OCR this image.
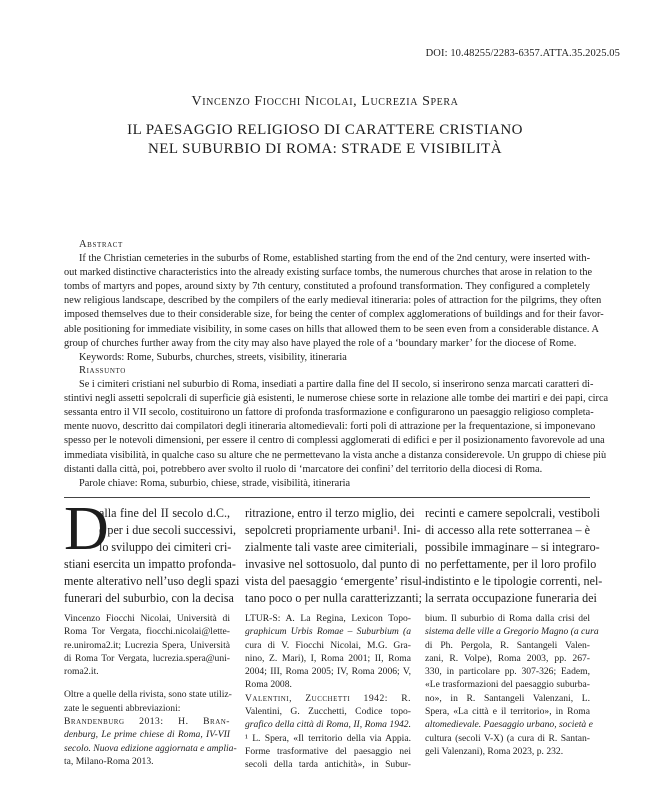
DOI: 10.48255/2283-6357.ATTA.35.2025.05
Vincenzo Fiocchi Nicolai, Lucrezia Spera
IL PAESAGGIO RELIGIOSO DI CARATTERE CRISTIANO
NEL SUBURBIO DI ROMA: STRADE E VISIBILITÀ
Abstract
If the Christian cemeteries in the suburbs of Rome, established starting from the end of the 2nd century, were inserted with-
out marked distinctive characteristics into the already existing surface tombs, the numerous churches that arose in relation to the
tombs of martyrs and popes, around sixty by 7th century, constituted a profound transformation. They configured a completely
new religious landscape, described by the compilers of the early medieval itineraria: poles of attraction for the pilgrims, they often
imposed themselves due to their considerable size, for being the center of complex agglomerations of buildings and for their favor-
able positioning for immediate visibility, in some cases on hills that allowed them to be seen even from a considerable distance. A
group of churches further away from the city may also have played the role of a ‘boundary marker’ for the diocese of Rome.
Keywords: Rome, Suburbs, churches, streets, visibility, itineraria
Riassunto
Se i cimiteri cristiani nel suburbio di Roma, insediati a partire dalla fine del II secolo, si inserirono senza marcati caratteri di-
stintivi negli assetti sepolcrali di superficie già esistenti, le numerose chiese sorte in relazione alle tombe dei martiri e dei papi, circa
sessanta entro il VII secolo, costituirono un fattore di profonda trasformazione e configurarono un paesaggio religioso completa-
mente nuovo, descritto dai compilatori degli itineraria altomedievali: forti poli di attrazione per la frequentazione, si imponevano
spesso per le notevoli dimensioni, per essere il centro di complessi agglomerati di edifici e per il posizionamento favorevole ad una
immediata visibilità, in qualche caso su alture che ne permettevano la vista anche a distanza considerevole. Un gruppo di chiese più
distanti dalla città, poi, potrebbero aver svolto il ruolo di ‘marcatore dei confini’ del territorio della diocesi di Roma.
Parole chiave: Roma, suburbio, chiese, strade, visibilità, itineraria
D
alla fine del II secolo d.C.,
e per i due secoli successivi,
lo sviluppo dei cimiteri cri-
stiani esercita un impatto profonda-
mente alterativo nell’uso degli spazi
funerari del suburbio, con la decisa
ritrazione, entro il terzo miglio, dei
sepolcreti propriamente urbani¹. Ini-
zialmente tali vaste aree cimiteriali,
invasive nel sottosuolo, dal punto di
vista del paesaggio ‘emergente’ risul-
tano poco o per nulla caratterizzanti;
recinti e camere sepolcrali, vestiboli
di accesso alla rete sotterranea – è
possibile immaginare – si integraro-
no perfettamente, per il loro profilo
indistinto e le tipologie correnti, nel-
la serrata occupazione funeraria dei
Vincenzo Fiocchi Nicolai, Università di
Roma Tor Vergata, fiocchi.nicolai@lette-
re.uniroma2.it; Lucrezia Spera, Università
di Roma Tor Vergata, lucrezia.spera@uni-
roma2.it.
Oltre a quelle della rivista, sono state utiliz-
zate le seguenti abbreviazioni:
Brandenburg 2013: H. Bran-
denburg, Le prime chiese di Roma, IV-VII
secolo. Nuova edizione aggiornata e amplia-
ta, Milano-Roma 2013.
LTUR-S: A. La Regina, Lexicon Topo-
graphicum Urbis Romae – Suburbium (a
cura di V. Fiocchi Nicolai, M.G. Gra-
nino, Z. Mari), I, Roma 2001; II, Roma
2004; III, Roma 2005; IV, Roma 2006; V,
Roma 2008.
Valentini, Zucchetti 1942: R.
Valentini, G. Zucchetti, Codice topo-
grafico della città di Roma, II, Roma 1942.
¹ L. Spera, «Il territorio della via Appia.
Forme trasformative del paesaggio nei
secoli della tarda antichità», in Subur-
bium. Il suburbio di Roma dalla crisi del
sistema delle ville a Gregorio Magno (a cura
di Ph. Pergola, R. Santangeli Valen-
zani, R. Volpe), Roma 2003, pp. 267-
330, in particolare pp. 307-326; Eadem,
«Le trasformazioni del paesaggio suburba-
no», in R. Santangeli Valenzani, L.
Spera, «La città e il territorio», in Roma
altomedievale. Paesaggio urbano, società e
cultura (secoli V-X) (a cura di R. Santan-
geli Valenzani), Roma 2023, p. 232.
